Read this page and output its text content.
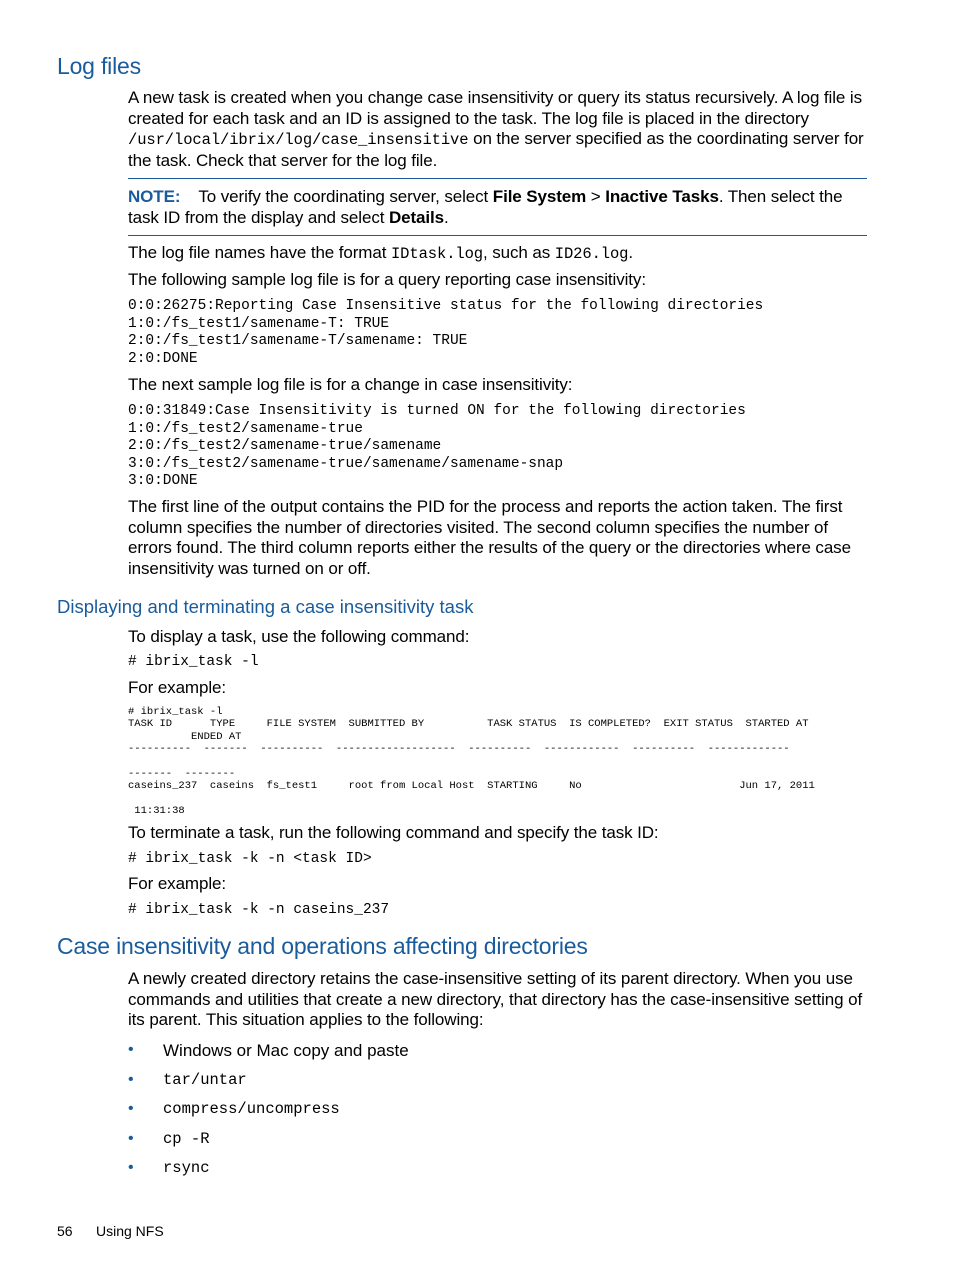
Log files

A new task is created when you change case insensitivity or query its status recursively. A log file is created for each task and an ID is assigned to the task. The log file is placed in the directory /usr/local/ibrix/log/case_insensitive on the server specified as the coordinating server for the task. Check that server for the log file.

NOTE: To verify the coordinating server, select File System > Inactive Tasks. Then select the task ID from the display and select Details.

The log file names have the format IDtask.log, such as ID26.log.

The following sample log file is for a query reporting case insensitivity:

0:0:26275:Reporting Case Insensitive status for the following directories
1:0:/fs_test1/samename-T: TRUE
2:0:/fs_test1/samename-T/samename: TRUE
2:0:DONE

The next sample log file is for a change in case insensitivity:

0:0:31849:Case Insensitivity is turned ON for the following directories
1:0:/fs_test2/samename-true
2:0:/fs_test2/samename-true/samename
3:0:/fs_test2/samename-true/samename/samename-snap
3:0:DONE

The first line of the output contains the PID for the process and reports the action taken. The first column specifies the number of directories visited. The second column specifies the number of errors found. The third column reports either the results of the query or the directories where case insensitivity was turned on or off.

Displaying and terminating a case insensitivity task

To display a task, use the following command:

# ibrix_task -l

For example:

# ibrix_task -l
TASK ID      TYPE     FILE SYSTEM  SUBMITTED BY          TASK STATUS  IS COMPLETED?  EXIT STATUS  STARTED AT
ENDED AT
----------  -------  ----------  -------------------  ----------  ------------  ----------  -------------

-------  --------
caseins_237  caseins  fs_test1     root from Local Host  STARTING     No                         Jun 17, 2011

11:31:38

To terminate a task, run the following command and specify the task ID:

# ibrix_task -k -n <task ID>

For example:

# ibrix_task -k -n caseins_237
Case insensitivity and operations affecting directories

A newly created directory retains the case-insensitive setting of its parent directory. When you use commands and utilities that create a new directory, that directory has the case-insensitive setting of its parent. This situation applies to the following:

• Windows or Mac copy and paste
• tar/untar
• compress/uncompress
• cp -R
• rsync
56 Using NFS
